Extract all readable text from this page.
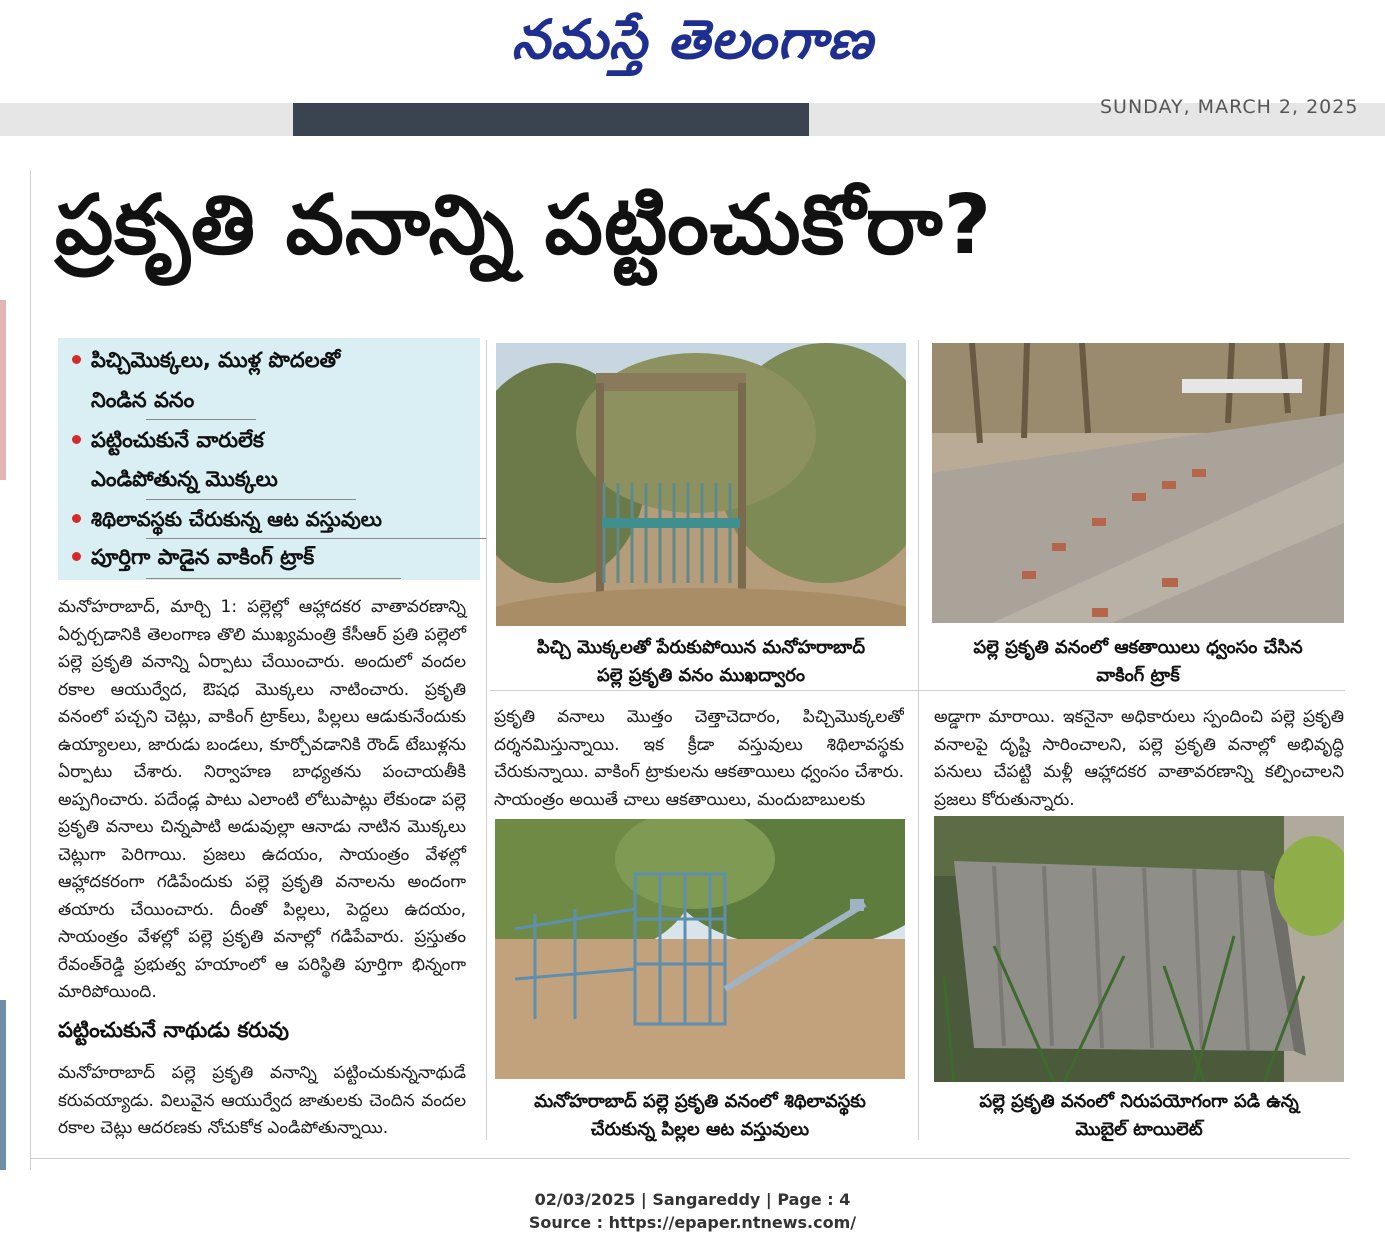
నమస్తే తెలంగాణ
SUNDAY, MARCH 2, 2025
ప్రకృతి వనాన్ని పట్టించుకోరా?
పిచ్చిమొక్కలు, ముళ్ల పొదలతో
నిండిన వనం
పట్టించుకునే వారులేక
ఎండిపోతున్న మొక్కలు
శిథిలావస్థకు చేరుకున్న ఆట వస్తువులు
పూర్తిగా పాడైన వాకింగ్ ట్రాక్
మనోహరాబాద్, మార్చి 1: పల్లెల్లో ఆహ్లాదకర వాతావరణాన్ని ఏర్పర్చడానికి తెలంగాణ తొలి ముఖ్యమంత్రి కేసీఆర్ ప్రతి పల్లెలో పల్లె ప్రకృతి వనాన్ని ఏర్పాటు చేయించారు. అందులో వందల రకాల ఆయుర్వేద, ఔషధ మొక్కలు నాటించారు. ప్రకృతి వనంలో పచ్చని చెట్లు, వాకింగ్ ట్రాక్‌లు, పిల్లలు ఆడుకునేందుకు ఉయ్యాలలు, జారుడు బండలు, కూర్చోవడానికి రౌండ్ టేబుళ్లను ఏర్పాటు చేశారు. నిర్వాహణ బాధ్యతను పంచాయతీకి అప్పగించారు. పదేండ్ల పాటు ఎలాంటి లోటుపాట్లు లేకుండా పల్లె ప్రకృతి వనాలు చిన్నపాటి అడువుల్లా ఆనాడు నాటిన మొక్కలు చెట్లుగా పెరిగాయి. ప్రజలు ఉదయం, సాయంత్రం వేళల్లో ఆహ్లాదకరంగా గడిపేందుకు పల్లె ప్రకృతి వనాలను అందంగా తయారు చేయించారు. దీంతో పిల్లలు, పెద్దలు ఉదయం, సాయంత్రం వేళల్లో పల్లె ప్రకృతి వనాల్లో గడిపేవారు. ప్రస్తుతం రేవంత్‌రెడ్డి ప్రభుత్వ హయాంలో ఆ పరిస్థితి పూర్తిగా భిన్నంగా మారిపోయింది.
పట్టించుకునే నాథుడు కరువు
మనోహరాబాద్ పల్లె ప్రకృతి వనాన్ని పట్టించుకున్ననాథుడే కరువయ్యాడు. విలువైన ఆయుర్వేద జాతులకు చెందిన వందల రకాల చెట్లు ఆదరణకు నోచుకోక ఎండిపోతున్నాయి.
ప్రకృతి వనాలు మొత్తం చెత్తాచెదారం, పిచ్చిమొక్కలతో దర్శనమిస్తున్నాయి. ఇక క్రీడా వస్తువులు శిథిలావస్థకు చేరుకున్నాయి. వాకింగ్ ట్రాకులను ఆకతాయిలు ధ్వంసం చేశారు. సాయంత్రం అయితే చాలు ఆకతాయిలు, మందుబాబులకు
అడ్డాగా మారాయి. ఇకనైనా అధికారులు స్పందించి పల్లె ప్రకృతి వనాలపై దృష్టి సారించాలని, పల్లె ప్రకృతి వనాల్లో అభివృద్ధి పనులు చేపట్టి మళ్లీ ఆహ్లాదకర వాతావరణాన్ని కల్పించాలని ప్రజలు కోరుతున్నారు.
పిచ్చి మొక్కలతో పేరుకుపోయిన మనోహరాబాద్
పల్లె ప్రకృతి వనం ముఖద్వారం
పల్లె ప్రకృతి వనంలో ఆకతాయిలు ధ్వంసం చేసిన
వాకింగ్ ట్రాక్
మనోహరాబాద్ పల్లె ప్రకృతి వనంలో శిథిలావస్థకు
చేరుకున్న పిల్లల ఆట వస్తువులు
పల్లె ప్రకృతి వనంలో నిరుపయోగంగా పడి ఉన్న
మొబైల్ టాయిలెట్
02/03/2025 | Sangareddy | Page : 4
Source : https://epaper.ntnews.com/
